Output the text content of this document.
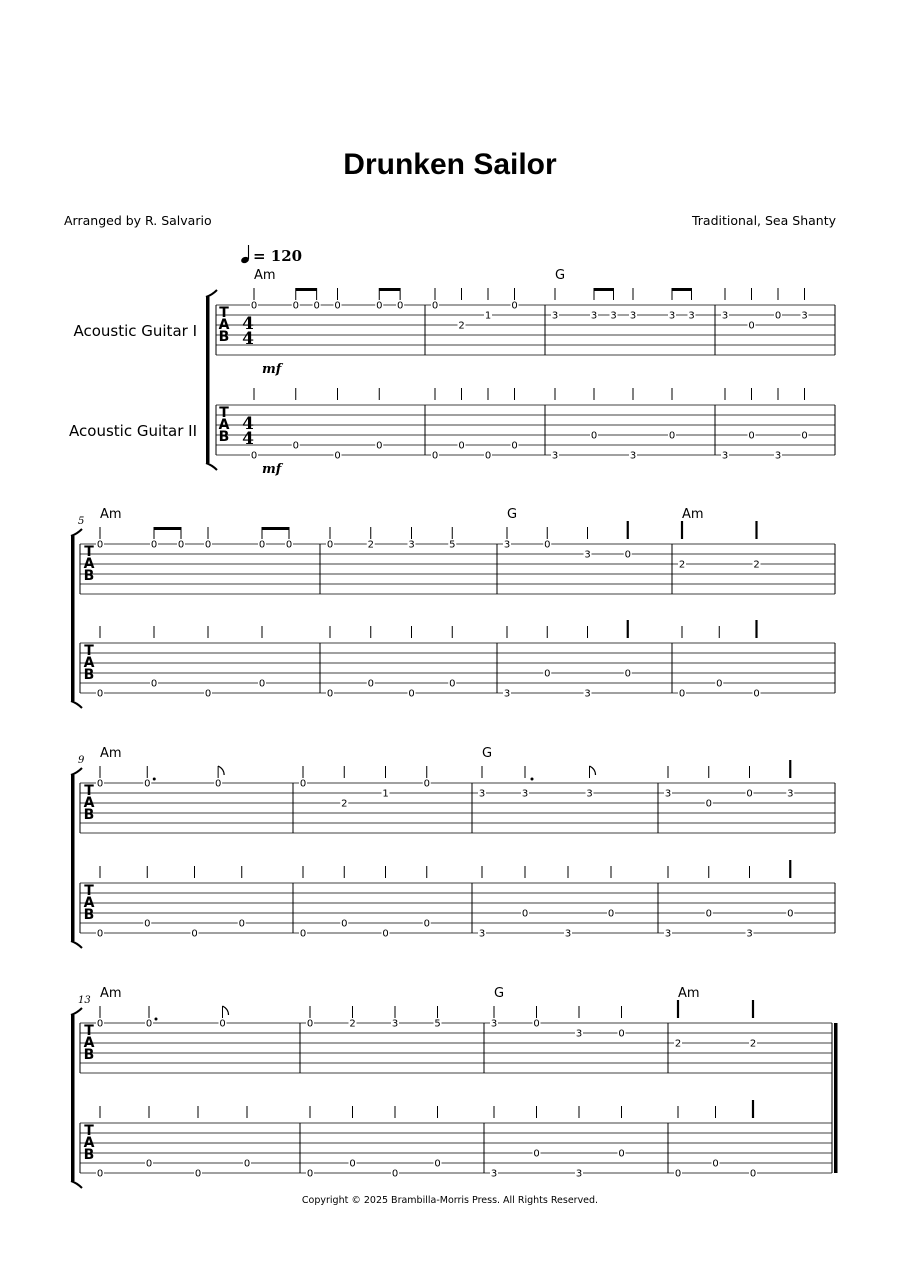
Drunken Sailor
Arranged by R. Salvario	Traditional, Sea Shanty
T
A
B
T
A
B
Acoustic Guitar I
Acoustic Guitar II
4
4
mf
4
4
mf
= 120
Am
0	0 0 0	0 0
0
0
0
0
0
2
1
0
0
0
0
0
G
3	3 3 3	3 3
3
0
3
0
3
0
0 3
3
0
3
0
T
A
B
T
A
B
5 Am
0	0 0 0	0 0
0
0
0
0
0	2	3	5
0
0
0
0
G
3	0
3	0
3
0
3
0
Am
2	2
0
0
0
T
A
B
T
A
B
9 Am
0	0	0
0
0
0
0
0
2
1
0
0
0
0
0
G
3	3	3
3
0
3
0
3
0
0	3
3
0
3
0
T
A
B
T
A
B
13 Am
0	0	0
0
0
0
0
0	2	3	5
0
0
0
0
G
3	0
3	0
3
0
3
0
Am
2	2
0
0
0
Copyright © 2025 Brambilla-Morris Press. All Rights Reserved.
